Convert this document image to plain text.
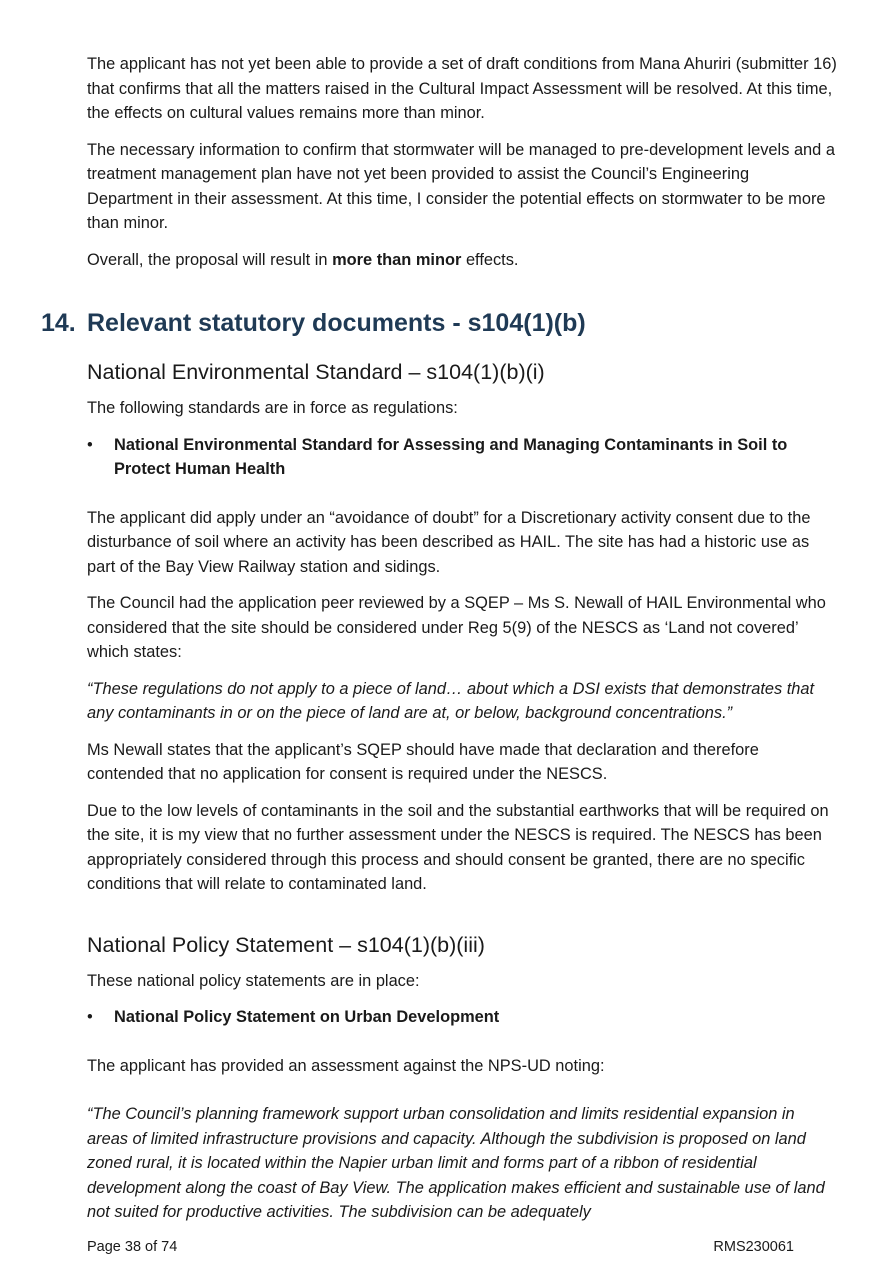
The applicant has not yet been able to provide a set of draft conditions from Mana Ahuriri (submitter 16) that confirms that all the matters raised in the Cultural Impact Assessment will be resolved. At this time, the effects on cultural values remains more than minor.

The necessary information to confirm that stormwater will be managed to pre-development levels and a treatment management plan have not yet been provided to assist the Council’s Engineering Department in their assessment. At this time, I consider the potential effects on stormwater to be more than minor.

Overall, the proposal will result in more than minor effects.

14. Relevant statutory documents - s104(1)(b)
National Environmental Standard – s104(1)(b)(i)

The following standards are in force as regulations:

• National Environmental Standard for Assessing and Managing Contaminants in Soil to Protect Human Health

The applicant did apply under an “avoidance of doubt” for a Discretionary activity consent due to the disturbance of soil where an activity has been described as HAIL. The site has had a historic use as part of the Bay View Railway station and sidings.

The Council had the application peer reviewed by a SQEP – Ms S. Newall of HAIL Environmental who considered that the site should be considered under Reg 5(9) of the NESCS as ‘Land not covered’ which states:

“These regulations do not apply to a piece of land… about which a DSI exists that demonstrates that any contaminants in or on the piece of land are at, or below, background concentrations.”

Ms Newall states that the applicant’s SQEP should have made that declaration and therefore contended that no application for consent is required under the NESCS.

Due to the low levels of contaminants in the soil and the substantial earthworks that will be required on the site, it is my view that no further assessment under the NESCS is required. The NESCS has been appropriately considered through this process and should consent be granted, there are no specific conditions that will relate to contaminated land.

National Policy Statement – s104(1)(b)(iii)

These national policy statements are in place:

• National Policy Statement on Urban Development

The applicant has provided an assessment against the NPS-UD noting:

“The Council’s planning framework support urban consolidation and limits residential expansion in areas of limited infrastructure provisions and capacity. Although the subdivision is proposed on land zoned rural, it is located within the Napier urban limit and forms part of a ribbon of residential development along the coast of Bay View. The application makes efficient and sustainable use of land not suited for productive activities. The subdivision can be adequately

Page 38 of 74	RMS230061
